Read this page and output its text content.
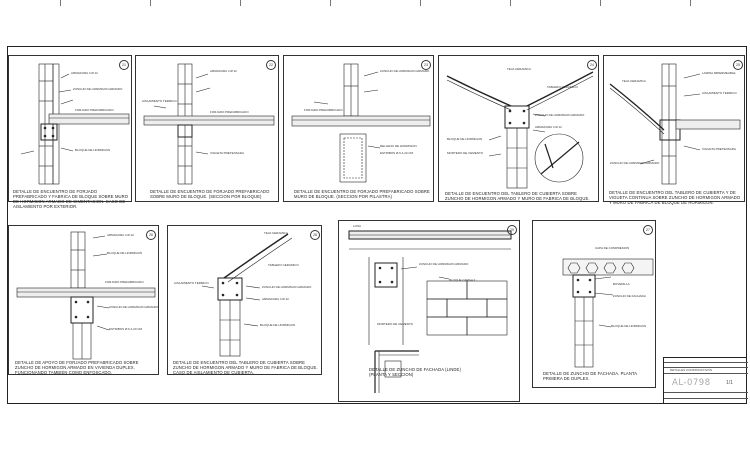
FORJADO PREFABRICADO
ARMADURA 4 Ø 12
ZUNCHO DE HORMIGON ARMADO
BLOQUE DE HORMIGON
21
DETALLE DE ENCUENTRO DE FORJADO PREFABRICADO Y FABRICA DE BLOQUE SOBRE MURO DE HORMIGON ARMADO DE CIMENTACION. CASO DE AISLAMIENTO POR EXTERIOR.
FORJADO PREFABRICADO
AISLAMIENTO TERMICO
ARMADURA 4 Ø 12
VIGUETA PRETENSADA
22
DETALLE DE ENCUENTRO DE FORJADO PREFABRICADO SOBRE MURO DE BLOQUE. (SECCION POR BLOQUE)
FORJADO PREFABRICADO
ZUNCHO DE HORMIGON ARMADO
RELLENO DE HORMIGON
ESTRIBOS Ø 6 A 20 CM
23
DETALLE DE ENCUENTRO DE FORJADO PREFABRICADO SOBRE MURO DE BLOQUE. (SECCION POR PILASTRA)
TEJA CERAMICA
TABLERO CERAMICO
ZUNCHO DE HORMIGON ARMADO
ARMADURA 4 Ø 12
BLOQUE DE HORMIGON
MORTERO DE CEMENTO
24
DETALLE DE ENCUENTRO DEL TABLERO DE CUBIERTA SOBRE ZUNCHO DE HORMIGON ARMADO Y MURO DE FABRICA DE BLOQUE.
TEJA CERAMICA
LAMINA IMPERMEABLE
AISLAMIENTO TERMICO
VIGUETA PRETENSADA
ZUNCHO DE HORMIGON ARMADO
25
DETALLE DE ENCUENTRO DEL TABLERO DE CUBIERTA Y DE VIGUETA CONTINUA SOBRE ZUNCHO DE HORMIGON ARMADO Y MURO DE FABRICA DE BLOQUE DE HORMIGON.
ARMADURA 4 Ø 12
BLOQUE DE HORMIGON
FORJADO PREFABRICADO
ZUNCHO DE HORMIGON ARMADO
ESTRIBOS Ø 6 A 20 CM
26
DETALLE DE APOYO DE FORJADO PREFABRICADO SOBRE ZUNCHO DE HORMIGON ARMADO EN VIVIENDA DUPLEX. FUNCIONANDO TAMBIEN COMO ENFOSCADO.
TEJA CERAMICA
TABLERO CERAMICO
ZUNCHO DE HORMIGON ARMADO
ARMADURA 4 Ø 12
AISLAMIENTO TERMICO
BLOQUE DE HORMIGON
28
DETALLE DE ENCUENTRO DEL TABLERO DE CUBIERTA SOBRE ZUNCHO DE HORMIGON ARMADO Y MURO DE FABRICA DE BLOQUE. CASO DE AISLAMIENTO DE CUBIERTA.
LOSA
ZUNCHO DE HORMIGON ARMADO
BLOQUE CARGA 2
MORTERO DE CEMENTO
29
DETALLE DE ZUNCHO DE FACHADA (LINDE) (PLANTA Y SECCION)
CAPA DE COMPRESION
BOVEDILLA
ZUNCHO DE FACHADA
BLOQUE DE HORMIGON
27
DETALLE DE ZUNCHO DE FACHADA. PLANTA PRIMERA DE DUPLEX.
DETALLES CONSTRUCTIVOS
AL-0798	1/1
